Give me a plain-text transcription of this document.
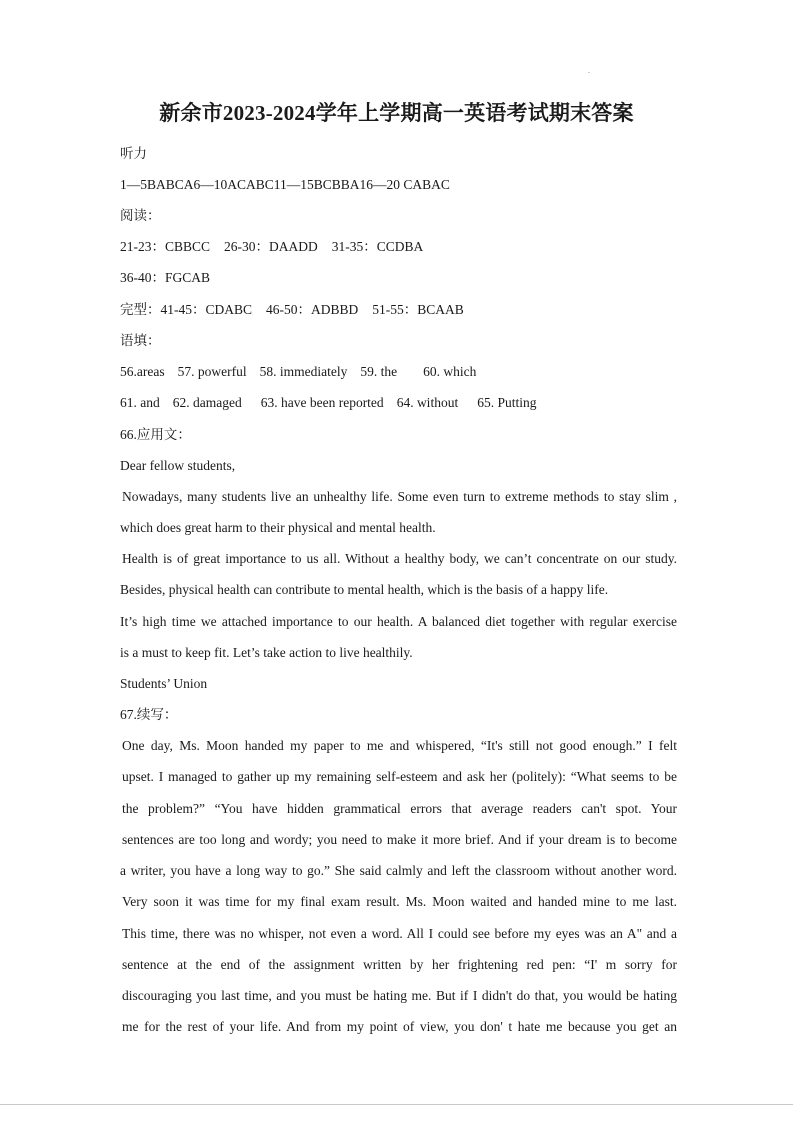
.
新余市2023-2024学年上学期高一英语考试期末答案
听力
1—5BABCA6—10ACABC11—15BCBBA16—20 CABAC
阅读：
21-23：CBBCC 26-30：DAADD 31-35：CCDBA
36-40：FGCAB
完型：41-45：CDABC 46-50：ADBBD 51-55：BCAAB
语填：
56.areas 57. powerful 58. immediately 59. the 60. which
61. and 62. damaged 63. have been reported 64. without 65. Putting
66.应用文：
Dear fellow students,
Nowadays, many students live an unhealthy life. Some even turn to extreme methods to stay slim ,
which does great harm to their physical and mental health.
Health is of great importance to us all. Without a healthy body, we can’t concentrate on our study.
Besides, physical health can contribute to mental health, which is the basis of a happy life.
It’s high time we attached importance to our health. A balanced diet together with regular exercise
is a must to keep fit. Let’s take action to live healthily.
Students’ Union
67.续写：
One day, Ms. Moon handed my paper to me and whispered, “It's still not good enough.” I felt
upset. I managed to gather up my remaining self-esteem and ask her (politely): “What seems to be
the problem?” “You have hidden grammatical errors that average readers can't spot. Your
sentences are too long and wordy; you need to make it more brief. And if your dream is to become
a writer, you have a long way to go.” She said calmly and left the classroom without another word.
Very soon it was time for my final exam result. Ms. Moon waited and handed mine to me last.
This time, there was no whisper, not even a word. All I could see before my eyes was an A" and a
sentence at the end of the assignment written by her frightening red pen: “I' m sorry for
discouraging you last time, and you must be hating me. But if I didn't do that, you would be hating
me for the rest of your life. And from my point of view, you don' t hate me because you get an
